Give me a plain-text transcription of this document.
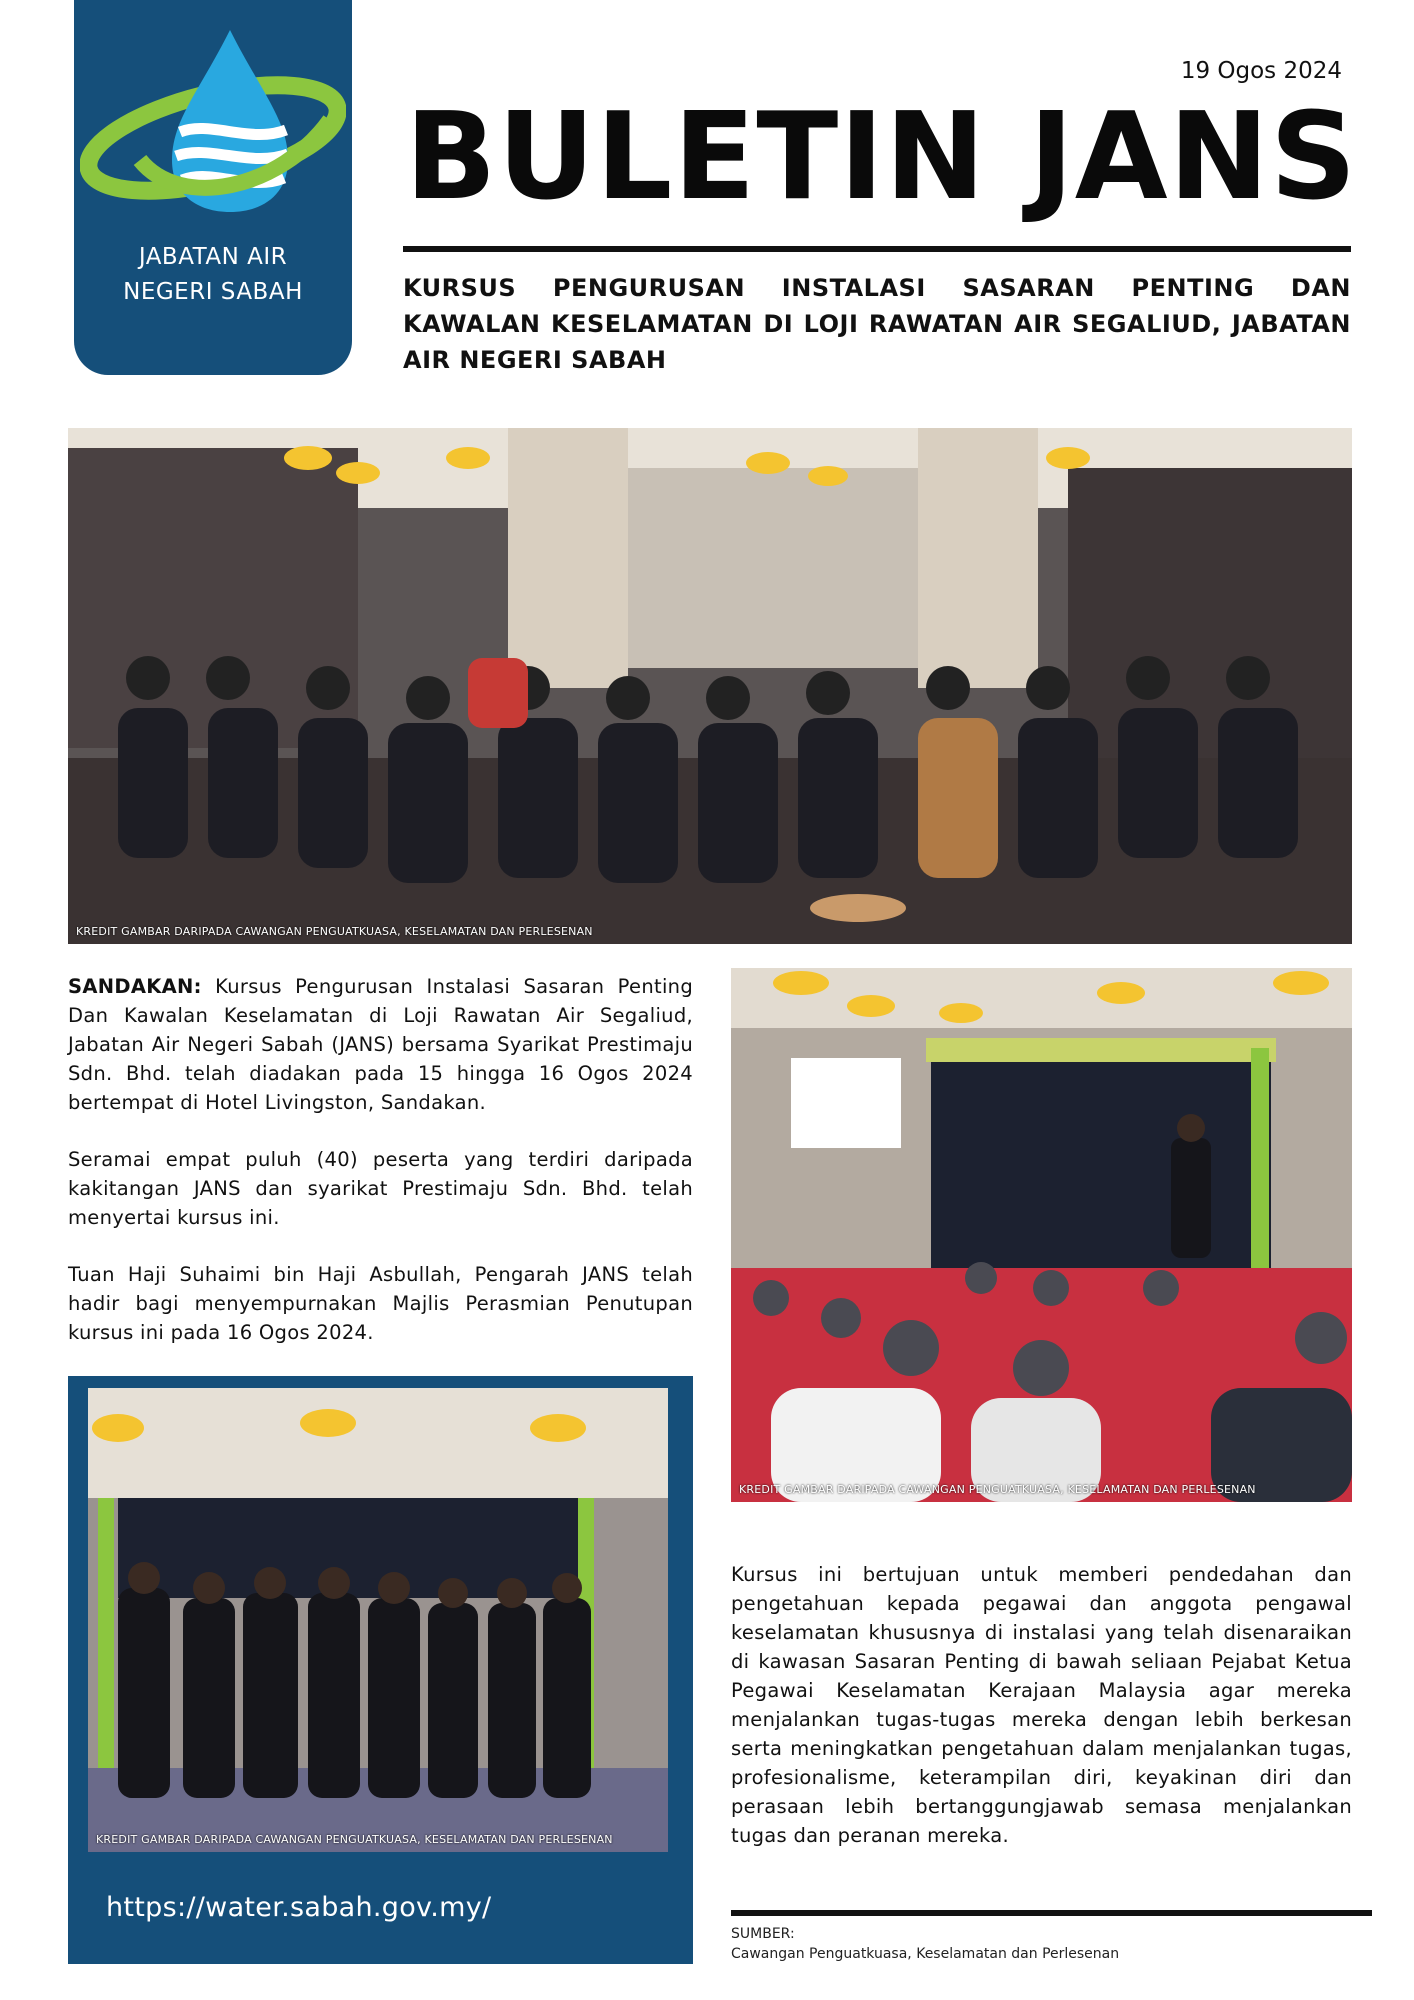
JABATAN AIR
NEGERI SABAH
19 Ogos 2024
BULETIN JANS
KURSUS PENGURUSAN INSTALASI SASARAN PENTING DAN KAWALAN KESELAMATAN DI LOJI RAWATAN AIR SEGALIUD, JABATAN AIR NEGERI SABAH
KREDIT GAMBAR DARIPADA CAWANGAN PENGUATKUASA, KESELAMATAN DAN PERLESENAN

SANDAKAN: Kursus Pengurusan Instalasi Sasaran Penting Dan Kawalan Keselamatan di Loji Rawatan Air Segaliud, Jabatan Air Negeri Sabah (JANS) bersama Syarikat Prestimaju Sdn. Bhd. telah diadakan pada 15 hingga 16 Ogos 2024 bertempat di Hotel Livingston, Sandakan.

Seramai empat puluh (40) peserta yang terdiri daripada kakitangan JANS dan syarikat Prestimaju Sdn. Bhd. telah menyertai kursus ini.

Tuan Haji Suhaimi bin Haji Asbullah, Pengarah JANS telah hadir bagi menyempurnakan Majlis Perasmian Penutupan kursus ini pada 16 Ogos 2024.

KREDIT GAMBAR DARIPADA CAWANGAN PENGUATKUASA, KESELAMATAN DAN PERLESENAN
KREDIT GAMBAR DARIPADA CAWANGAN PENGUATKUASA, KESELAMATAN DAN PERLESENAN
https://water.sabah.gov.my/

Kursus ini bertujuan untuk memberi pendedahan dan pengetahuan kepada pegawai dan anggota pengawal keselamatan khususnya di instalasi yang telah disenaraikan di kawasan Sasaran Penting di bawah seliaan Pejabat Ketua Pegawai Keselamatan Kerajaan Malaysia agar mereka menjalankan tugas-tugas mereka dengan lebih berkesan serta meningkatkan pengetahuan dalam menjalankan tugas, profesionalisme, keterampilan diri, keyakinan diri dan perasaan lebih bertanggungjawab semasa menjalankan tugas dan peranan mereka.

SUMBER:
Cawangan Penguatkuasa, Keselamatan dan Perlesenan
